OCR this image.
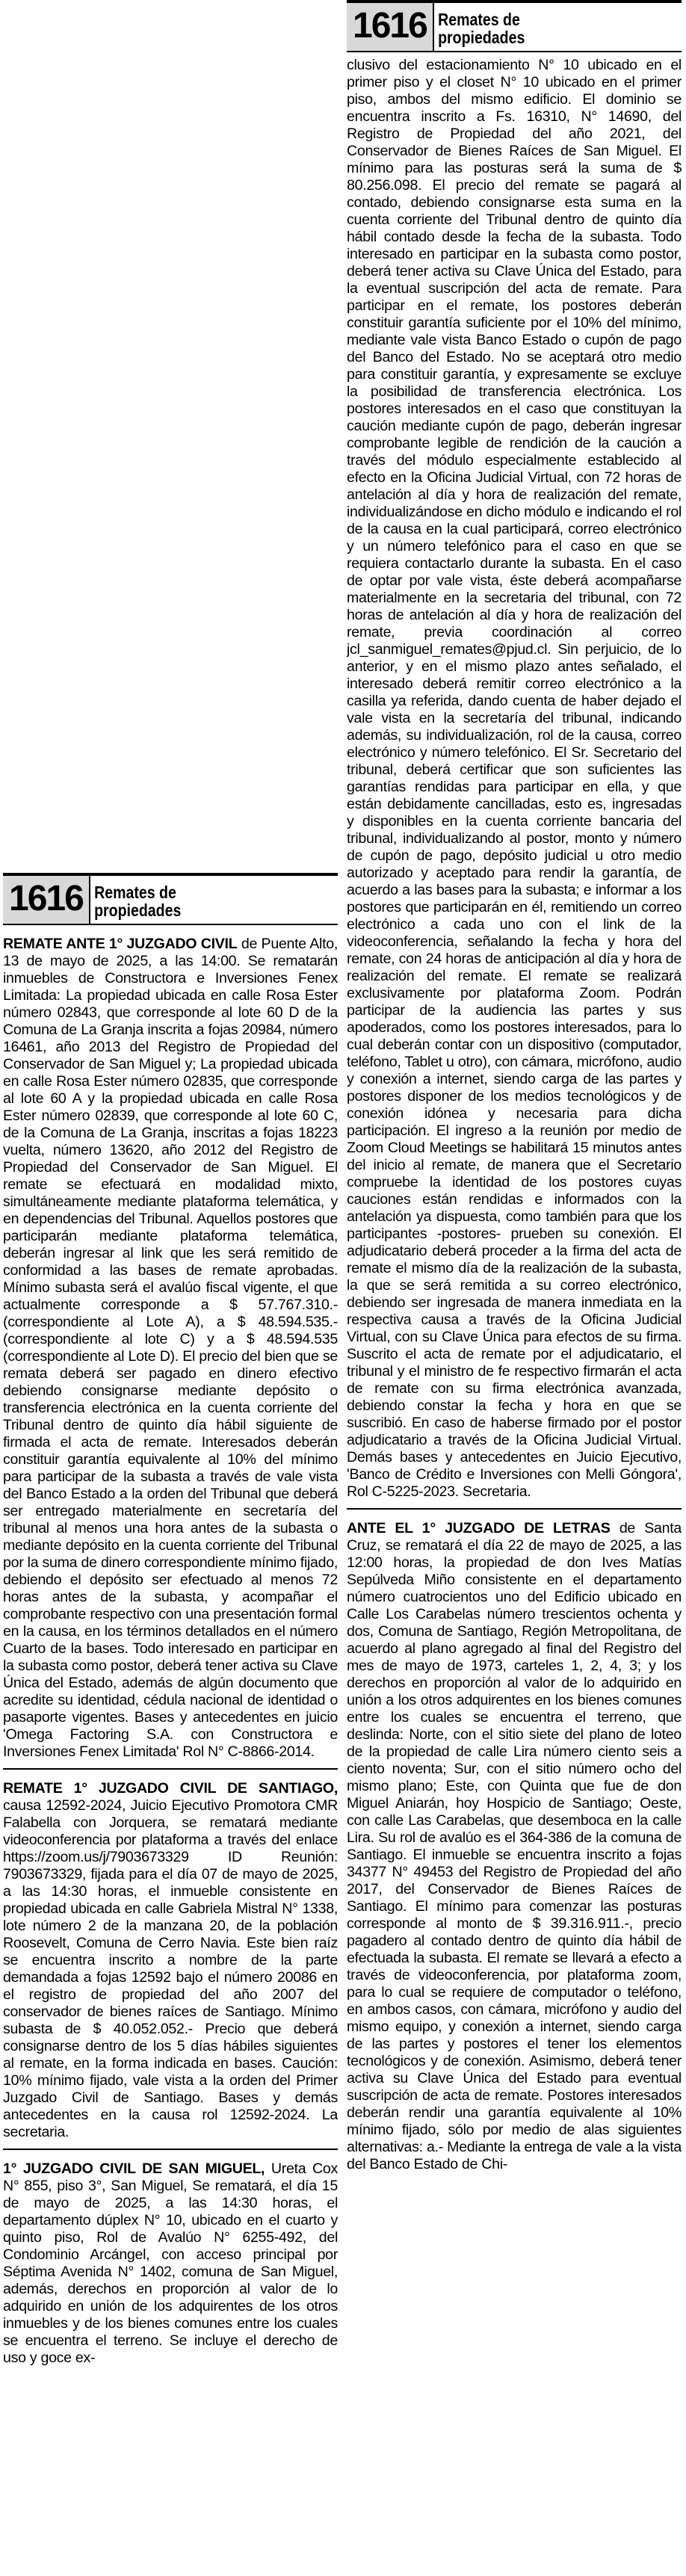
1616 Remates de
propiedades

REMATE ANTE 1° JUZGADO CIVIL de Puente Alto, 13 de mayo de 2025, a las 14:00. Se rematarán inmuebles de Constructora e Inversiones Fenex Limitada: La propiedad ubicada en calle Rosa Ester número 02843, que corresponde al lote 60 D de la Comuna de La Granja inscrita a fojas 20984, número 16461, año 2013 del Registro de Propiedad del Conservador de San Miguel y; La propiedad ubicada en calle Rosa Ester número 02835, que corresponde al lote 60 A y la propiedad ubicada en calle Rosa Ester número 02839, que corresponde al lote 60 C, de la Comuna de La Granja, inscritas a fojas 18223 vuelta, número 13620, año 2012 del Registro de Propiedad del Conservador de San Miguel. El remate se efectuará en modalidad mixto, simultáneamente mediante plataforma telemática, y en dependencias del Tribunal. Aquellos postores que participarán mediante plataforma telemática, deberán ingresar al link que les será remitido de conformidad a las bases de remate aprobadas. Mínimo subasta será el avalúo fiscal vigente, el que actualmente corresponde a $ 57.767.310.- (correspondiente al Lote A), a $ 48.594.535.- (correspondiente al lote C) y a $ 48.594.535 (correspondiente al Lote D). El precio del bien que se remata deberá ser pagado en dinero efectivo debiendo consignarse mediante depósito o transferencia electrónica en la cuenta corriente del Tribunal dentro de quinto día hábil siguiente de firmada el acta de remate. Interesados deberán constituir garantía equivalente al 10% del mínimo para participar de la subasta a través de vale vista del Banco Estado a la orden del Tribunal que deberá ser entregado materialmente en secretaría del tribunal al menos una hora antes de la subasta o mediante depósito en la cuenta corriente del Tribunal por la suma de dinero correspondiente mínimo fijado, debiendo el depósito ser efectuado al menos 72 horas antes de la subasta, y acompañar el comprobante respectivo con una presentación formal en la causa, en los términos detallados en el número Cuarto de la bases. Todo interesado en participar en la subasta como postor, deberá tener activa su Clave Única del Estado, además de algún documento que acredite su identidad, cédula nacional de identidad o pasaporte vigentes. Bases y antecedentes en juicio 'Omega Factoring S.A. con Constructora e Inversiones Fenex Limitada' Rol N° C-8866-2014.

REMATE 1° JUZGADO CIVIL DE SANTIAGO, causa 12592-2024, Juicio Ejecutivo Promotora CMR Falabella con Jorquera, se rematará mediante videoconferencia por plataforma a través del enlace https://zoom.us/j/7903673329 ID Reunión: 7903673329, fijada para el día 07 de mayo de 2025, a las 14:30 horas, el inmueble consistente en propiedad ubicada en calle Gabriela Mistral N° 1338, lote número 2 de la manzana 20, de la población Roosevelt, Comuna de Cerro Navia. Este bien raíz se encuentra inscrito a nombre de la parte demandada a fojas 12592 bajo el número 20086 en el registro de propiedad del año 2007 del conservador de bienes raíces de Santiago. Mínimo subasta de $ 40.052.052.- Precio que deberá consignarse dentro de los 5 días hábiles siguientes al remate, en la forma indicada en bases. Caución: 10% mínimo fijado, vale vista a la orden del Primer Juzgado Civil de Santiago. Bases y demás antecedentes en la causa rol 12592-2024. La secretaria.

1° JUZGADO CIVIL DE SAN MIGUEL, Ureta Cox N° 855, piso 3°, San Miguel, Se rematará, el día 15 de mayo de 2025, a las 14:30 horas, el departamento dúplex N° 10, ubicado en el cuarto y quinto piso, Rol de Avalúo N° 6255-492, del Condominio Arcángel, con acceso principal por Séptima Avenida N° 1402, comuna de San Miguel, además, derechos en proporción al valor de lo adquirido en unión de los adquirentes de los otros inmuebles y de los bienes comunes entre los cuales se encuentra el terreno. Se incluye el derecho de uso y goce ex-

1616 Remates de
propiedades

clusivo del estacionamiento N° 10 ubicado en el primer piso y el closet N° 10 ubicado en el primer piso, ambos del mismo edificio. El dominio se encuentra inscrito a Fs. 16310, N° 14690, del Registro de Propiedad del año 2021, del Conservador de Bienes Raíces de San Miguel. El mínimo para las posturas será la suma de $ 80.256.098. El precio del remate se pagará al contado, debiendo consignarse esta suma en la cuenta corriente del Tribunal dentro de quinto día hábil contado desde la fecha de la subasta. Todo interesado en participar en la subasta como postor, deberá tener activa su Clave Única del Estado, para la eventual suscripción del acta de remate. Para participar en el remate, los postores deberán constituir garantía suficiente por el 10% del mínimo, mediante vale vista Banco Estado o cupón de pago del Banco del Estado. No se aceptará otro medio para constituir garantía, y expresamente se excluye la posibilidad de transferencia electrónica. Los postores interesados en el caso que constituyan la caución mediante cupón de pago, deberán ingresar comprobante legible de rendición de la caución a través del módulo especialmente establecido al efecto en la Oficina Judicial Virtual, con 72 horas de antelación al día y hora de realización del remate, individualizándose en dicho módulo e indicando el rol de la causa en la cual participará, correo electrónico y un número telefónico para el caso en que se requiera contactarlo durante la subasta. En el caso de optar por vale vista, éste deberá acompañarse materialmente en la secretaria del tribunal, con 72 horas de antelación al día y hora de realización del remate, previa coordinación al correo jcl_sanmiguel_remates@pjud.cl. Sin perjuicio, de lo anterior, y en el mismo plazo antes señalado, el interesado deberá remitir correo electrónico a la casilla ya referida, dando cuenta de haber dejado el vale vista en la secretaría del tribunal, indicando además, su individualización, rol de la causa, correo electrónico y número telefónico. El Sr. Secretario del tribunal, deberá certificar que son suficientes las garantías rendidas para participar en ella, y que están debidamente cancilladas, esto es, ingresadas y disponibles en la cuenta corriente bancaria del tribunal, individualizando al postor, monto y número de cupón de pago, depósito judicial u otro medio autorizado y aceptado para rendir la garantía, de acuerdo a las bases para la subasta; e informar a los postores que participarán en él, remitiendo un correo electrónico a cada uno con el link de la videoconferencia, señalando la fecha y hora del remate, con 24 horas de anticipación al día y hora de realización del remate. El remate se realizará exclusivamente por plataforma Zoom. Podrán participar de la audiencia las partes y sus apoderados, como los postores interesados, para lo cual deberán contar con un dispositivo (computador, teléfono, Tablet u otro), con cámara, micrófono, audio y conexión a internet, siendo carga de las partes y postores disponer de los medios tecnológicos y de conexión idónea y necesaria para dicha participación. El ingreso a la reunión por medio de Zoom Cloud Meetings se habilitará 15 minutos antes del inicio al remate, de manera que el Secretario compruebe la identidad de los postores cuyas cauciones están rendidas e informados con la antelación ya dispuesta, como también para que los participantes -postores- prueben su conexión. El adjudicatario deberá proceder a la firma del acta de remate el mismo día de la realización de la subasta, la que se será remitida a su correo electrónico, debiendo ser ingresada de manera inmediata en la respectiva causa a través de la Oficina Judicial Virtual, con su Clave Única para efectos de su firma. Suscrito el acta de remate por el adjudicatario, el tribunal y el ministro de fe respectivo firmarán el acta de remate con su firma electrónica avanzada, debiendo constar la fecha y hora en que se suscribió. En caso de haberse firmado por el postor adjudicatario a través de la Oficina Judicial Virtual. Demás bases y antecedentes en Juicio Ejecutivo, 'Banco de Crédito e Inversiones con Melli Góngora', Rol C-5225-2023. Secretaria.

ANTE EL 1° JUZGADO DE LETRAS de Santa Cruz, se rematará el día 22 de mayo de 2025, a las 12:00 horas, la propiedad de don Ives Matías Sepúlveda Miño consistente en el departamento número cuatrocientos uno del Edificio ubicado en Calle Los Carabelas número trescientos ochenta y dos, Comuna de Santiago, Región Metropolitana, de acuerdo al plano agregado al final del Registro del mes de mayo de 1973, carteles 1, 2, 4, 3; y los derechos en proporción al valor de lo adquirido en unión a los otros adquirentes en los bienes comunes entre los cuales se encuentra el terreno, que deslinda: Norte, con el sitio siete del plano de loteo de la propiedad de calle Lira número ciento seis a ciento noventa; Sur, con el sitio número ocho del mismo plano; Este, con Quinta que fue de don Miguel Aniarán, hoy Hospicio de Santiago; Oeste, con calle Las Carabelas, que desemboca en la calle Lira. Su rol de avalúo es el 364-386 de la comuna de Santiago. El inmueble se encuentra inscrito a fojas 34377 N° 49453 del Registro de Propiedad del año 2017, del Conservador de Bienes Raíces de Santiago. El mínimo para comenzar las posturas corresponde al monto de $ 39.316.911.-, precio pagadero al contado dentro de quinto día hábil de efectuada la subasta. El remate se llevará a efecto a través de videoconferencia, por plataforma zoom, para lo cual se requiere de computador o teléfono, en ambos casos, con cámara, micrófono y audio del mismo equipo, y conexión a internet, siendo carga de las partes y postores el tener los elementos tecnológicos y de conexión. Asimismo, deberá tener activa su Clave Única del Estado para eventual suscripción de acta de remate. Postores interesados deberán rendir una garantía equivalente al 10% mínimo fijado, sólo por medio de alas siguientes alternativas: a.- Mediante la entrega de vale a la vista del Banco Estado de Chi-
